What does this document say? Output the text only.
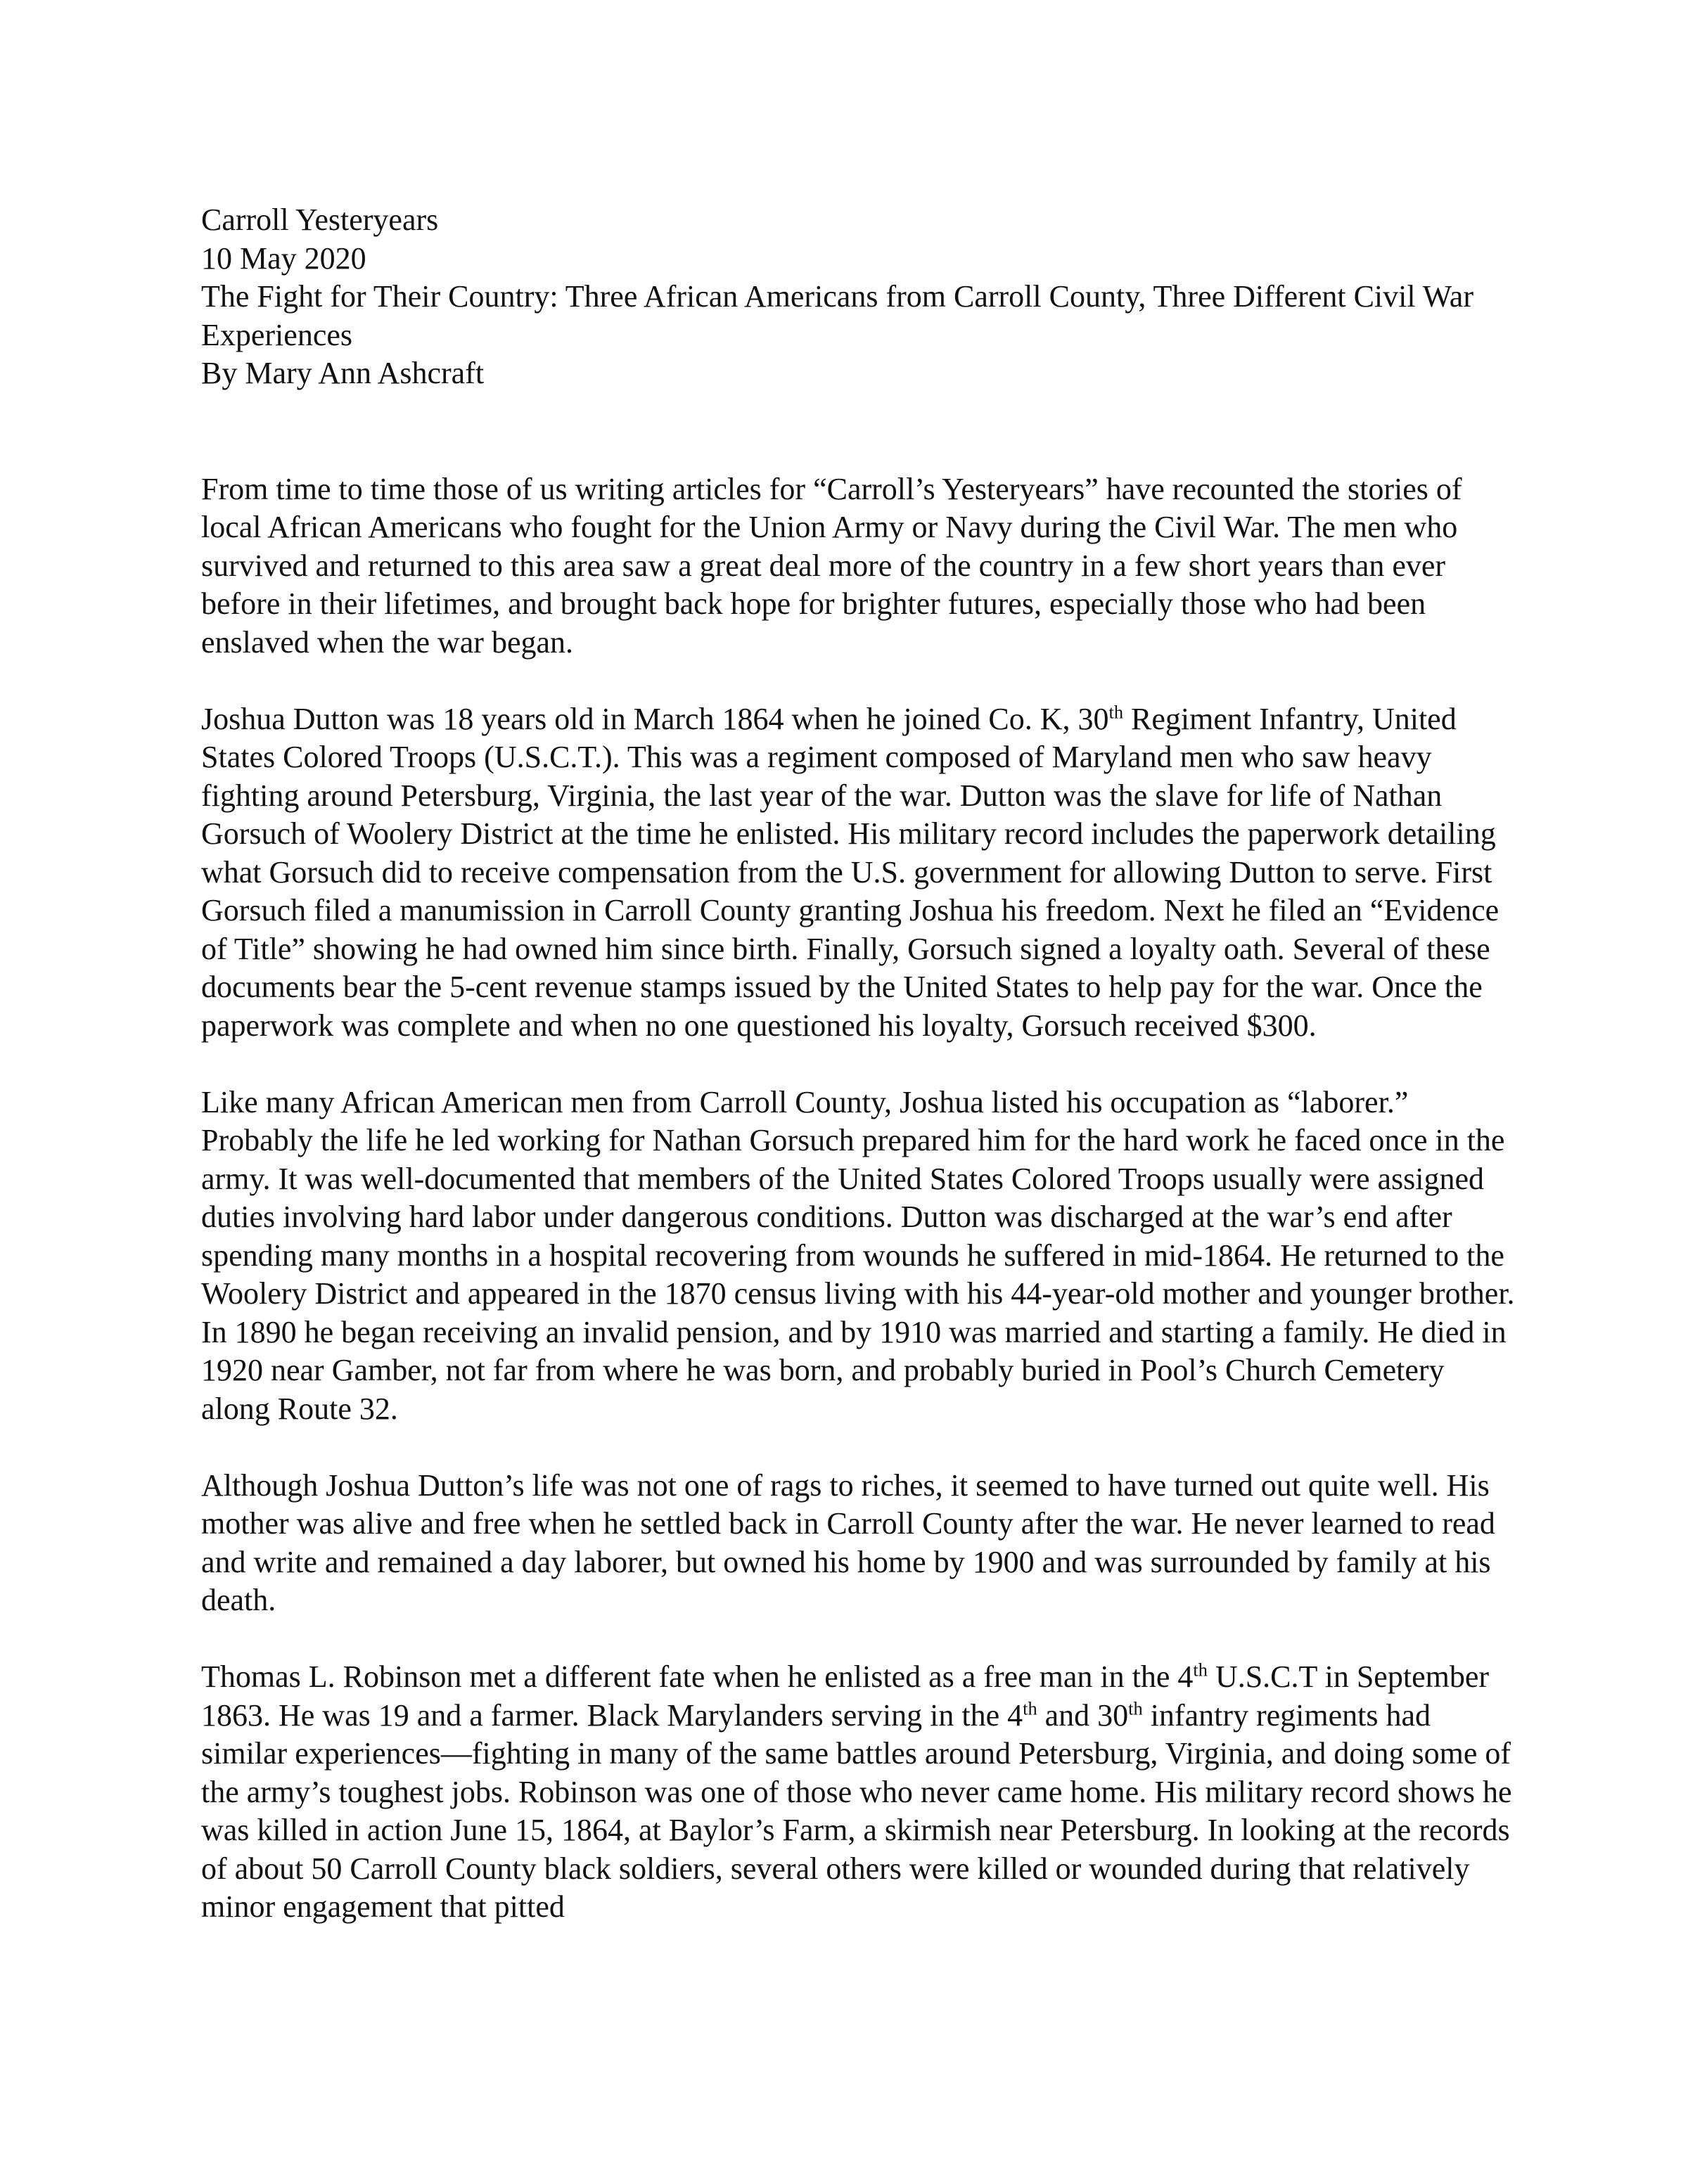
Carroll Yesteryears
10 May 2020
The Fight for Their Country: Three African Americans from Carroll County, Three Different Civil War Experiences
By Mary Ann Ashcraft

From time to time those of us writing articles for “Carroll’s Yesteryears” have recounted the stories of local African Americans who fought for the Union Army or Navy during the Civil War. The men who survived and returned to this area saw a great deal more of the country in a few short years than ever before in their lifetimes, and brought back hope for brighter futures, especially those who had been enslaved when the war began.

Joshua Dutton was 18 years old in March 1864 when he joined Co. K, 30th Regiment Infantry, United States Colored Troops (U.S.C.T.). This was a regiment composed of Maryland men who saw heavy fighting around Petersburg, Virginia, the last year of the war. Dutton was the slave for life of Nathan Gorsuch of Woolery District at the time he enlisted. His military record includes the paperwork detailing what Gorsuch did to receive compensation from the U.S. government for allowing Dutton to serve. First Gorsuch filed a manumission in Carroll County granting Joshua his freedom. Next he filed an “Evidence of Title” showing he had owned him since birth. Finally, Gorsuch signed a loyalty oath. Several of these documents bear the 5-cent revenue stamps issued by the United States to help pay for the war. Once the paperwork was complete and when no one questioned his loyalty, Gorsuch received $300.

Like many African American men from Carroll County, Joshua listed his occupation as “laborer.” Probably the life he led working for Nathan Gorsuch prepared him for the hard work he faced once in the army. It was well-documented that members of the United States Colored Troops usually were assigned duties involving hard labor under dangerous conditions. Dutton was discharged at the war’s end after spending many months in a hospital recovering from wounds he suffered in mid-1864. He returned to the Woolery District and appeared in the 1870 census living with his 44-year-old mother and younger brother. In 1890 he began receiving an invalid pension, and by 1910 was married and starting a family. He died in 1920 near Gamber, not far from where he was born, and probably buried in Pool’s Church Cemetery along Route 32.

Although Joshua Dutton’s life was not one of rags to riches, it seemed to have turned out quite well. His mother was alive and free when he settled back in Carroll County after the war. He never learned to read and write and remained a day laborer, but owned his home by 1900 and was surrounded by family at his death.

Thomas L. Robinson met a different fate when he enlisted as a free man in the 4th U.S.C.T in September 1863. He was 19 and a farmer. Black Marylanders serving in the 4th and 30th infantry regiments had similar experiences—fighting in many of the same battles around Petersburg, Virginia, and doing some of the army’s toughest jobs. Robinson was one of those who never came home. His military record shows he was killed in action June 15, 1864, at Baylor’s Farm, a skirmish near Petersburg. In looking at the records of about 50 Carroll County black soldiers, several others were killed or wounded during that relatively minor engagement that pitted
